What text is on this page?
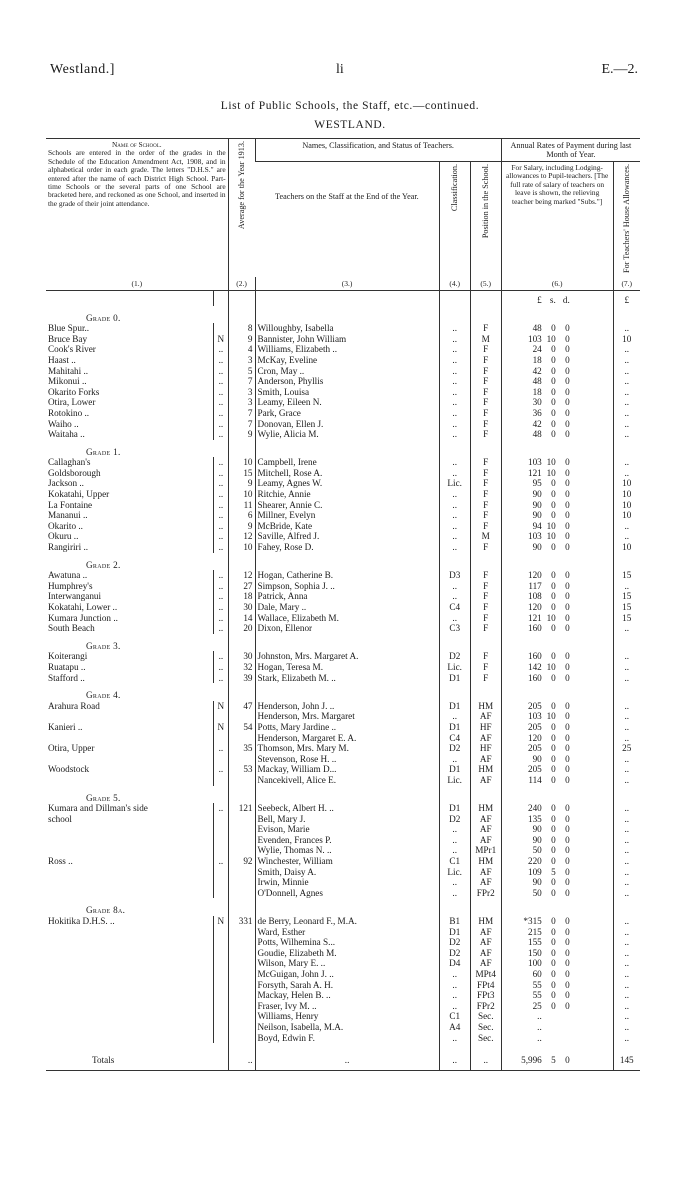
Westland.]	li	E.—2.
List of Public Schools, the Staff, etc.—continued.
WESTLAND.
Name of School.
Schools are entered in the order of the grades in the Schedule of the Education Amendment Act, 1908, and in alphabetical order in each grade. The letters "D.H.S." are entered after the name of each District High School. Part-time Schools or the several parts of one School are bracketed here, and reckoned as one School, and inserted in the grade of their joint attendance.		Average for the Year 1913.	Names, Classification, and Status of Teachers.			Annual Rates of Payment during last Month of Year.	
			Teachers on the Staff at the End of the Year.	Classification.	Position in the School.	For Salary, including Lodging-allowances to Pupil-teachers. [The full rate of salary of teachers on leave is shown, the relieving teacher being marked "Subs."]	For Teachers' House Allowances.
(1.)		(2.)	(3.)	(4.)	(5.)	(6.)	(7.)
						£ s. d.	£
Grade 0.							
Blue Spur..		8	Willoughby, Isabella	..	F	48 0 0	..
Bruce Bay	N	9	Bannister, John William	..	M	103 10 0	10
Cook's River	..	4	Williams, Elizabeth ..	..	F	24 0 0	..
Haast ..	..	3	McKay, Eveline	..	F	18 0 0	..
Mahitahi ..	..	5	Cron, May ..	..	F	42 0 0	..
Mikonui ..	..	7	Anderson, Phyllis	..	F	48 0 0	..
Okarito Forks	..	3	Smith, Louisa	..	F	18 0 0	..
Otira, Lower	..	3	Leamy, Eileen N.	..	F	30 0 0	..
Rotokino ..	..	7	Park, Grace	..	F	36 0 0	..
Waiho ..	..	7	Donovan, Ellen J.	..	F	42 0 0	..
Waitaha ..	..	9	Wylie, Alicia M.	..	F	48 0 0	..
Grade 1.							
Callaghan's	..	10	Campbell, Irene	..	F	103 10 0	..
Goldsborough	..	15	Mitchell, Rose A.	..	F	121 10 0	..
Jackson ..	..	9	Leamy, Agnes W.	Lic.	F	95 0 0	10
Kokatahi, Upper	..	10	Ritchie, Annie	..	F	90 0 0	10
La Fontaine	..	11	Shearer, Annie C.	..	F	90 0 0	10
Mananui ..	..	6	Millner, Evelyn	..	F	90 0 0	10
Okarito ..	..	9	McBride, Kate	..	F	94 10 0	..
Okuru ..	..	12	Saville, Alfred J.	..	M	103 10 0	..
Rangiriri ..	..	10	Fahey, Rose D.	..	F	90 0 0	10
Grade 2.							
Awatuna ..	..	12	Hogan, Catherine B.	D3	F	120 0 0	15
Humphrey's	..	27	Simpson, Sophia J. ..	..	F	117 0 0	..
Interwanganui	..	18	Patrick, Anna	..	F	108 0 0	15
Kokatahi, Lower ..	..	30	Dale, Mary ..	C4	F	120 0 0	15
Kumara Junction ..	..	14	Wallace, Elizabeth M.	..	F	121 10 0	15
South Beach	..	20	Dixon, Ellenor	C3	F	160 0 0	..
Grade 3.							
Koiterangi	..	30	Johnston, Mrs. Margaret A.	D2	F	160 0 0	..
Ruatapu ..	..	32	Hogan, Teresa M.	Lic.	F	142 10 0	..
Stafford ..	..	39	Stark, Elizabeth M. ..	D1	F	160 0 0	..
Grade 4.							
Arahura Road	N	47	Henderson, John J. ..	D1	HM	205 0 0	..
			Henderson, Mrs. Margaret	..	AF	103 10 0	..
Kanieri ..	N	54	Potts, Mary Jardine ..	D1	HF	205 0 0	..
			Henderson, Margaret E. A.	C4	AF	120 0 0	..
Otira, Upper	..	35	Thomson, Mrs. Mary M.	D2	HF	205 0 0	25
			Stevenson, Rose H. ..	..	AF	90 0 0	..
Woodstock	..	53	Mackay, William D...	D1	HM	205 0 0	..
			Nancekivell, Alice E.	Lic.	AF	114 0 0	..
Grade 5.							
Kumara and Dillman's side	..	121	Seebeck, Albert H. ..	D1	HM	240 0 0	..
school			Bell, Mary J.	D2	AF	135 0 0	..
			Evison, Marie	..	AF	90 0 0	..
			Evenden, Frances P.	..	AF	90 0 0	..
			Wylie, Thomas N. ..	..	MPr1	50 0 0	..
Ross ..	..	92	Winchester, William	C1	HM	220 0 0	..
			Smith, Daisy A.	Lic.	AF	109 5 0	..
			Irwin, Minnie	..	AF	90 0 0	..
			O'Donnell, Agnes	..	FPr2	50 0 0	..
Grade 8a.							
Hokitika D.H.S. ..	N	331	de Berry, Leonard F., M.A.	B1	HM	*315 0 0	..
			Ward, Esther	D1	AF	215 0 0	..
			Potts, Wilhemina S...	D2	AF	155 0 0	..
			Goudie, Elizabeth M.	D2	AF	150 0 0	..
			Wilson, Mary E. ..	D4	AF	100 0 0	..
			McGuigan, John J. ..	..	MPt4	60 0 0	..
			Forsyth, Sarah A. H.	..	FPt4	55 0 0	..
			Mackay, Helen B. ..	..	FPt3	55 0 0	..
			Fraser, Ivy M. ..	..	FPr2	25 0 0	..
			Williams, Henry	C1	Sec.	..	..
			Neilson, Isabella, M.A.	A4	Sec.	..	..
			Boyd, Edwin F.	..	Sec.	..	..
Totals		..	..	..	..	5,996 5 0	145
